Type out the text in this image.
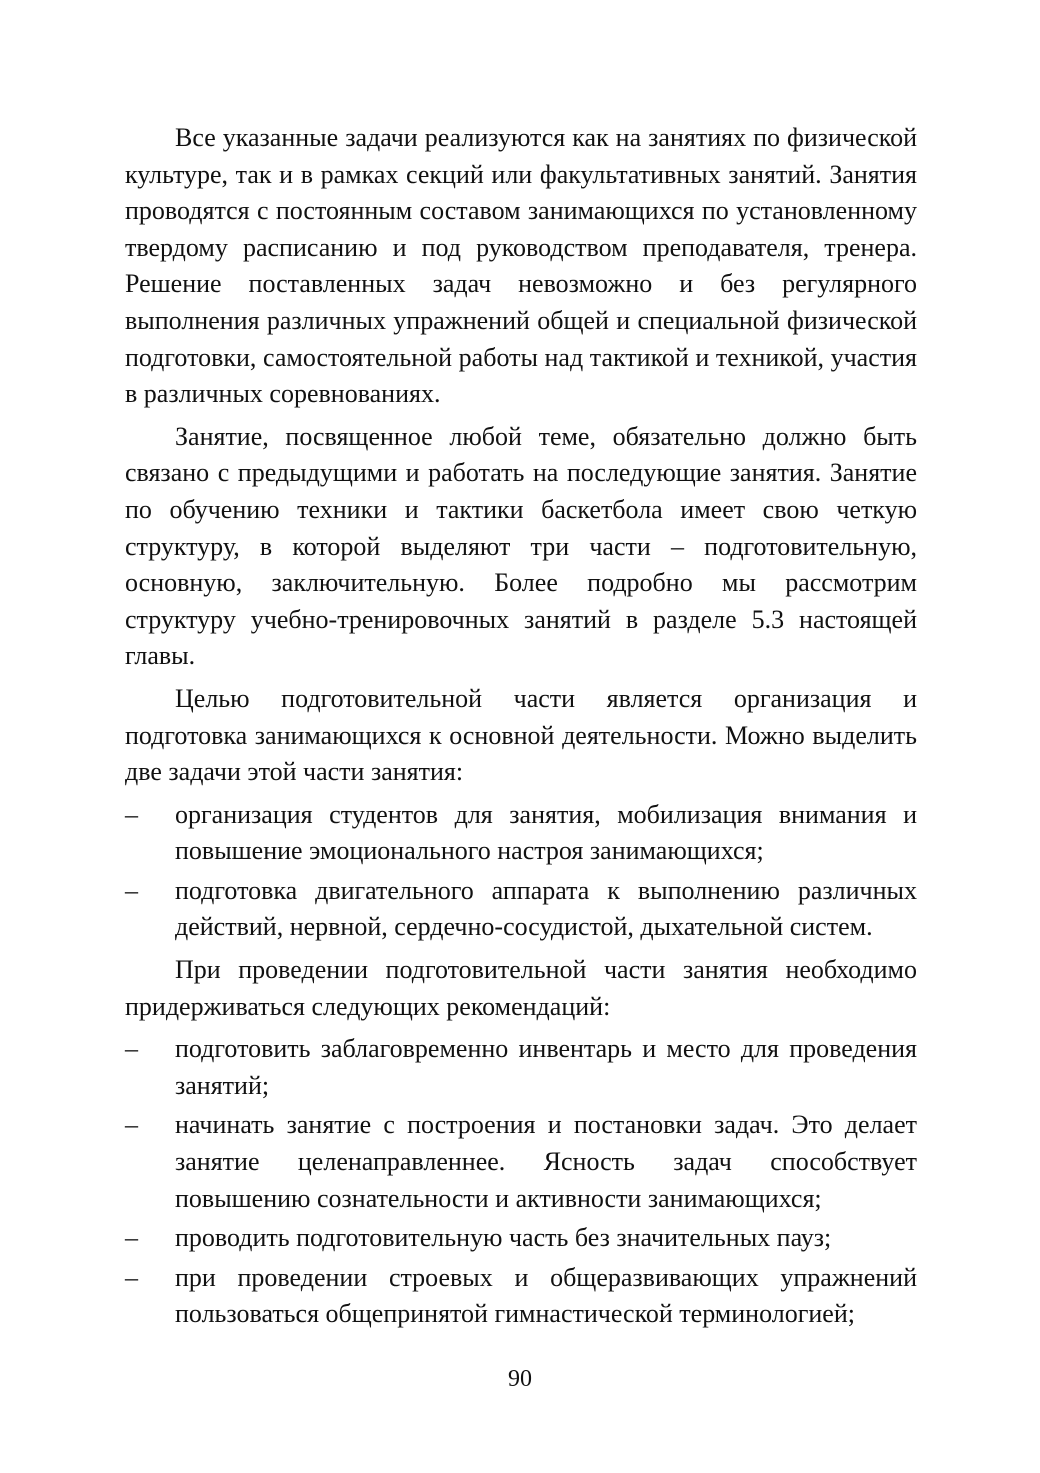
Все указанные задачи реализуются как на занятиях по физической культуре, так и в рамках секций или факультативных занятий. Занятия проводятся с постоянным составом занимающихся по установленному твердому расписанию и под руководством преподавателя, тренера. Решение поставленных задач невозможно и без регулярного выполнения различных упражнений общей и специальной физической подготовки, самостоятельной работы над тактикой и техникой, участия в различных соревнованиях.

Занятие, посвященное любой теме, обязательно должно быть связано с предыдущими и работать на последующие занятия. Занятие по обучению техники и тактики баскетбола имеет свою четкую структуру, в которой выделяют три части – подготовительную, основную, заключительную. Более подробно мы рассмотрим структуру учебно-тренировочных занятий в разделе 5.3 настоящей главы.

Целью подготовительной части является организация и подготовка занимающихся к основной деятельности. Можно выделить две задачи этой части занятия:

– организация студентов для занятия, мобилизация внимания и повышение эмоционального настроя занимающихся;
– подготовка двигательного аппарата к выполнению различных действий, нервной, сердечно-сосудистой, дыхательной систем.

При проведении подготовительной части занятия необходимо придерживаться следующих рекомендаций:

– подготовить заблаговременно инвентарь и место для проведения занятий;
– начинать занятие с построения и постановки задач. Это делает занятие целенаправленнее. Ясность задач способствует повышению сознательности и активности занимающихся;
– проводить подготовительную часть без значительных пауз;
– при проведении строевых и общеразвивающих упражнений пользоваться общепринятой гимнастической терминологией;
90
